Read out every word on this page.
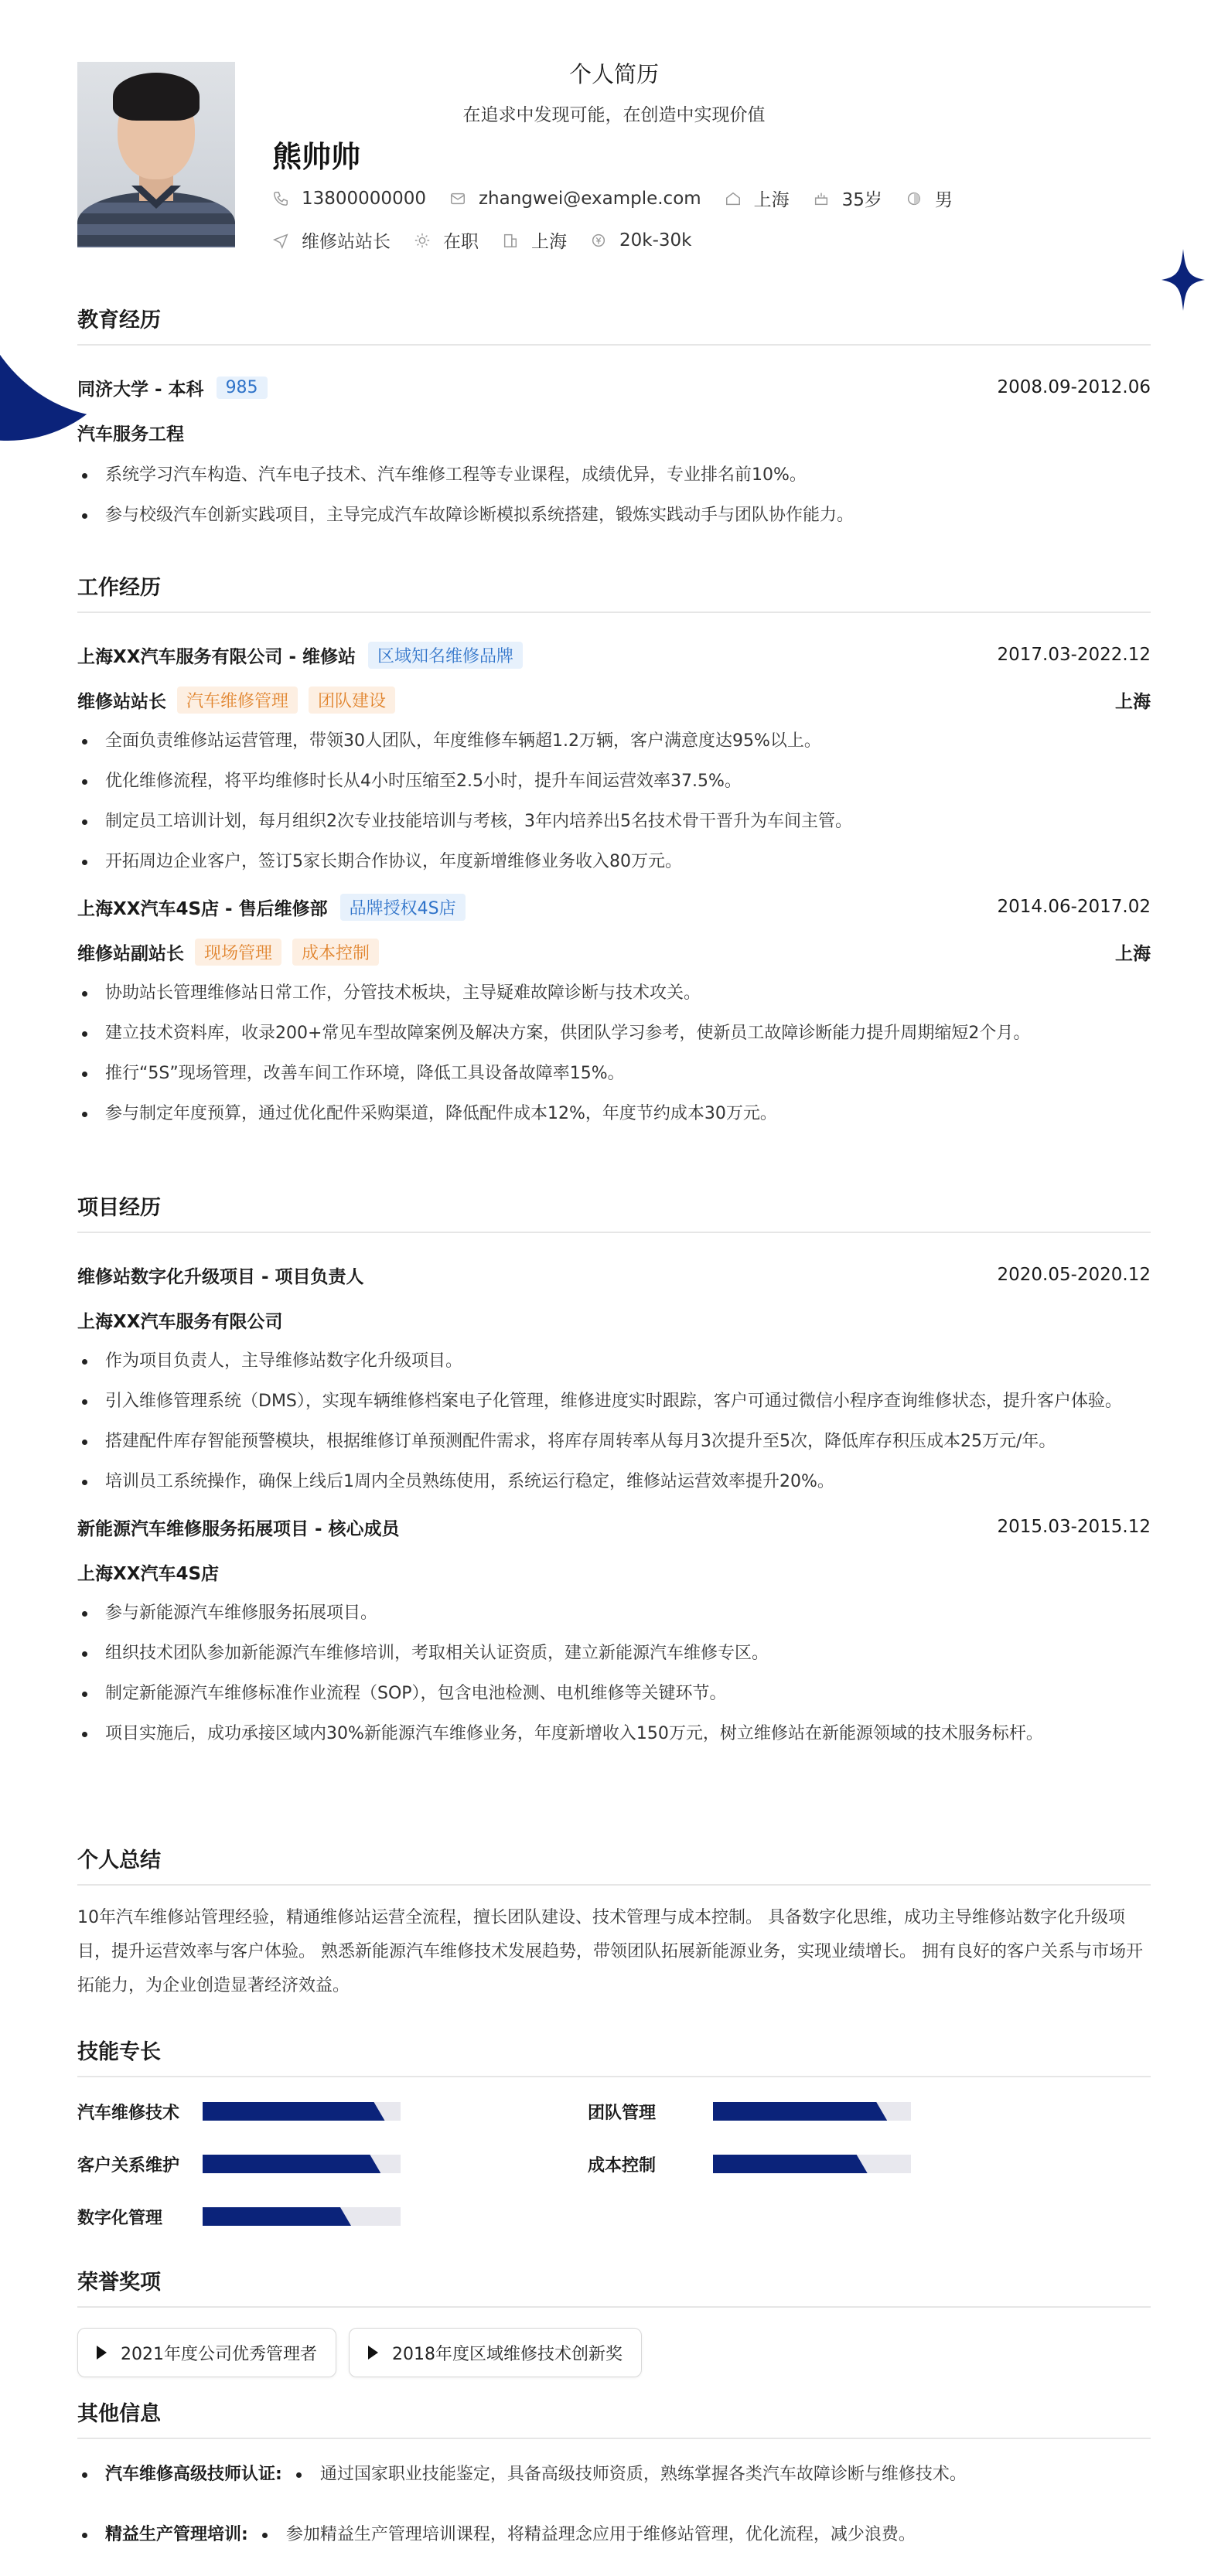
个人简历
在追求中发现可能，在创造中实现价值
熊帅帅
13800000000	zhangwei@example.com	上海	35岁	男
维修站站长	在职	上海	20k-30k
教育经历
同济大学 - 本科	985	2008.09-2012.06
汽车服务工程
系统学习汽车构造、汽车电子技术、汽车维修工程等专业课程，成绩优异，专业排名前10%。
参与校级汽车创新实践项目，主导完成汽车故障诊断模拟系统搭建，锻炼实践动手与团队协作能力。
工作经历
上海XX汽车服务有限公司 - 维修站	区域知名维修品牌	2017.03-2022.12
维修站站长	汽车维修管理	团队建设	上海
全面负责维修站运营管理，带领30人团队，年度维修车辆超1.2万辆，客户满意度达95%以上。
优化维修流程，将平均维修时长从4小时压缩至2.5小时，提升车间运营效率37.5%。
制定员工培训计划，每月组织2次专业技能培训与考核，3年内培养出5名技术骨干晋升为车间主管。
开拓周边企业客户，签订5家长期合作协议，年度新增维修业务收入80万元。
上海XX汽车4S店 - 售后维修部	品牌授权4S店	2014.06-2017.02
维修站副站长	现场管理	成本控制	上海
协助站长管理维修站日常工作，分管技术板块，主导疑难故障诊断与技术攻关。
建立技术资料库，收录200+常见车型故障案例及解决方案，供团队学习参考，使新员工故障诊断能力提升周期缩短2个月。
推行“5S”现场管理，改善车间工作环境，降低工具设备故障率15%。
参与制定年度预算，通过优化配件采购渠道，降低配件成本12%，年度节约成本30万元。
项目经历
维修站数字化升级项目 - 项目负责人	2020.05-2020.12
上海XX汽车服务有限公司
作为项目负责人，主导维修站数字化升级项目。
引入维修管理系统（DMS），实现车辆维修档案电子化管理，维修进度实时跟踪，客户可通过微信小程序查询维修状态，提升客户体验。
搭建配件库存智能预警模块，根据维修订单预测配件需求，将库存周转率从每月3次提升至5次，降低库存积压成本25万元/年。
培训员工系统操作，确保上线后1周内全员熟练使用，系统运行稳定，维修站运营效率提升20%。
新能源汽车维修服务拓展项目 - 核心成员	2015.03-2015.12
上海XX汽车4S店
参与新能源汽车维修服务拓展项目。
组织技术团队参加新能源汽车维修培训，考取相关认证资质，建立新能源汽车维修专区。
制定新能源汽车维修标准作业流程（SOP），包含电池检测、电机维修等关键环节。
项目实施后，成功承接区域内30%新能源汽车维修业务，年度新增收入150万元，树立维修站在新能源领域的技术服务标杆。
个人总结
10年汽车维修站管理经验，精通维修站运营全流程，擅长团队建设、技术管理与成本控制。 具备数字化思维，成功主导维修站数字化升级项目，提升运营效率与客户体验。 熟悉新能源汽车维修技术发展趋势，带领团队拓展新能源业务，实现业绩增长。 拥有良好的客户关系与市场开拓能力，为企业创造显著经济效益。
技能专长
汽车维修技术	团队管理
客户关系维护	成本控制
数字化管理
荣誉奖项
2021年度公司优秀管理者	2018年度区域维修技术创新奖
其他信息
汽车维修高级技师认证: 通过国家职业技能鉴定，具备高级技师资质，熟练掌握各类汽车故障诊断与维修技术。
精益生产管理培训: 参加精益生产管理培训课程，将精益理念应用于维修站管理，优化流程，减少浪费。
